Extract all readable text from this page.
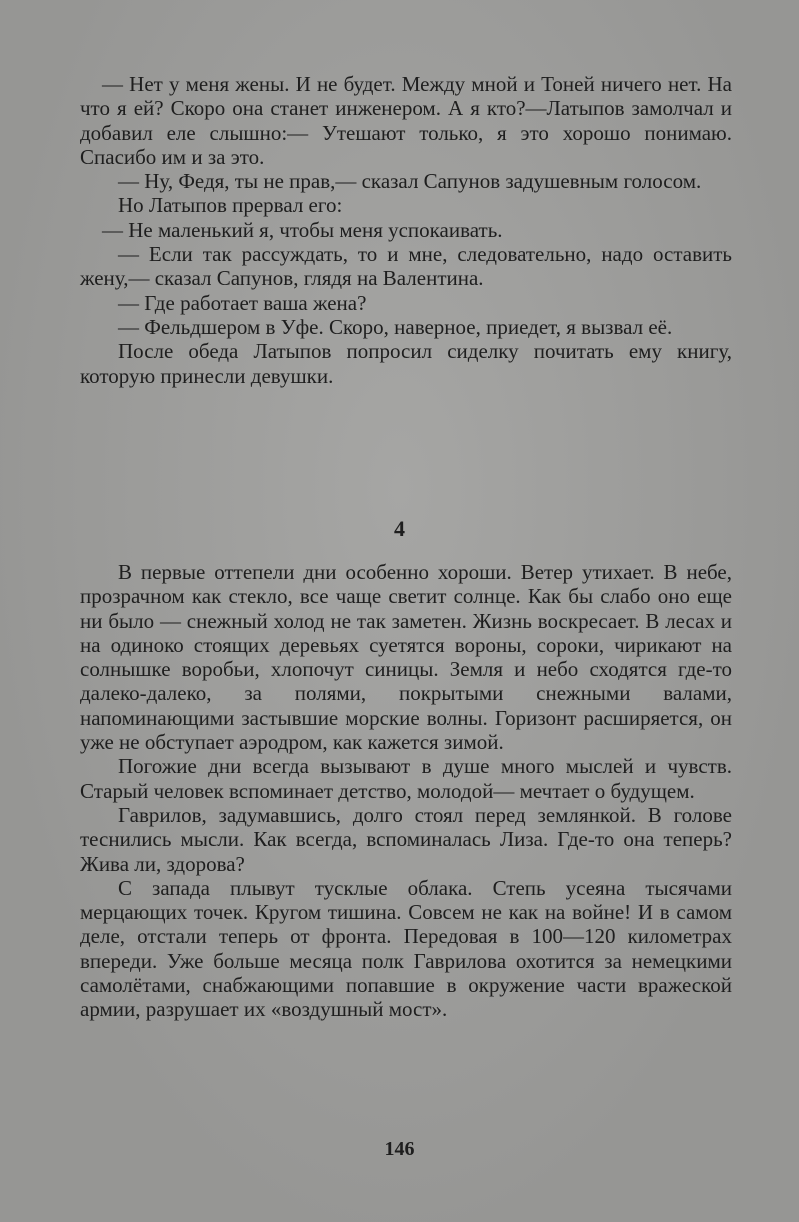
— Нет у меня жены. И не будет. Между мной и Тоней ничего нет. На что я ей? Скоро она станет инженером. А я кто?—Латыпов замолчал и добавил еле слышно:— Утешают только, я это хорошо понимаю. Спасибо им и за это.

— Ну, Федя, ты не прав,— сказал Сапунов задушевным голосом.

Но Латыпов прервал его:

— Не маленький я, чтобы меня успокаивать.

— Если так рассуждать, то и мне, следовательно, надо оставить жену,— сказал Сапунов, глядя на Валентина.

— Где работает ваша жена?

— Фельдшером в Уфе. Скоро, наверное, приедет, я вызвал её.

После обеда Латыпов попросил сиделку почитать ему книгу, которую принесли девушки.

4

В первые оттепели дни особенно хороши. Ветер утихает. В небе, прозрачном как стекло, все чаще светит солнце. Как бы слабо оно еще ни было — снежный холод не так заметен. Жизнь воскресает. В лесах и на одиноко стоящих деревьях суетятся вороны, сороки, чирикают на солнышке воробьи, хлопочут синицы. Земля и небо сходятся где-то далеко-далеко, за полями, покрытыми снежными валами, напоминающими застывшие морские волны. Горизонт расширяется, он уже не обступает аэродром, как кажется зимой.

Погожие дни всегда вызывают в душе много мыслей и чувств. Старый человек вспоминает детство, молодой— мечтает о будущем.

Гаврилов, задумавшись, долго стоял перед землянкой. В голове теснились мысли. Как всегда, вспоминалась Лиза. Где-то она теперь? Жива ли, здорова?

С запада плывут тусклые облака. Степь усеяна тысячами мерцающих точек. Кругом тишина. Совсем не как на войне! И в самом деле, отстали теперь от фронта. Передовая в 100—120 километрах впереди. Уже больше месяца полк Гаврилова охотится за немецкими самолётами, снабжающими попавшие в окружение части вражеской армии, разрушает их «воздушный мост».

146
